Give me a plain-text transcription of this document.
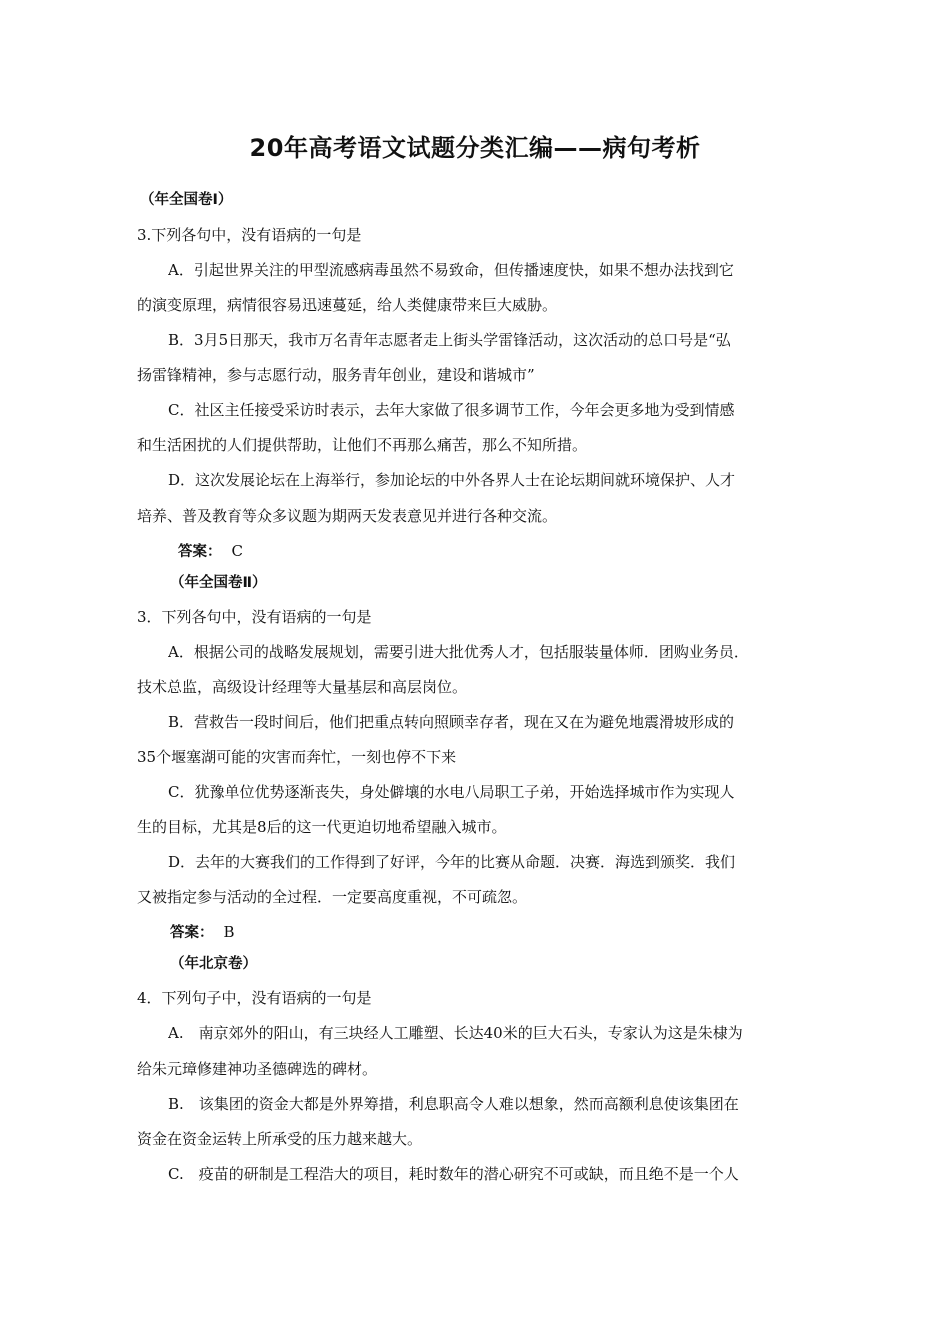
20年高考语文试题分类汇编——病句考析
（年全国卷Ⅰ）
3.下列各句中，没有语病的一句是
A．引起世界关注的甲型流感病毒虽然不易致命，但传播速度快，如果不想办法找到它
的演变原理，病情很容易迅速蔓延，给人类健康带来巨大威胁。
B．3月5日那天，我市万名青年志愿者走上街头学雷锋活动，这次活动的总口号是“弘
扬雷锋精神，参与志愿行动，服务青年创业，建设和谐城市”
C．社区主任接受采访时表示，去年大家做了很多调节工作，今年会更多地为受到情感
和生活困扰的人们提供帮助，让他们不再那么痛苦，那么不知所措。
D．这次发展论坛在上海举行，参加论坛的中外各界人士在论坛期间就环境保护、人才
培养、普及教育等众多议题为期两天发表意见并进行各种交流。
答案： C
（年全国卷Ⅱ）
3．下列各句中，没有语病的一句是
A．根据公司的战略发展规划，需要引进大批优秀人才，包括服装量体师．团购业务员．
技术总监，高级设计经理等大量基层和高层岗位。
B．营救告一段时间后，他们把重点转向照顾幸存者，现在又在为避免地震滑坡形成的
35个堰塞湖可能的灾害而奔忙，一刻也停不下来
C．犹豫单位优势逐渐丧失，身处僻壤的水电八局职工子弟，开始选择城市作为实现人
生的目标，尤其是8后的这一代更迫切地希望融入城市。
D．去年的大赛我们的工作得到了好评，今年的比赛从命题．决赛．海选到颁奖．我们
又被指定参与活动的全过程．一定要高度重视，不可疏忽。
答案： B
（年北京卷）
4．下列句子中，没有语病的一句是
A.　南京郊外的阳山，有三块经人工雕塑、长达40米的巨大石头，专家认为这是朱棣为
给朱元璋修建神功圣德碑选的碑材。
B.　该集团的资金大都是外界筹措，利息职高令人难以想象，然而高额利息使该集团在
资金在资金运转上所承受的压力越来越大。
C.　疫苗的研制是工程浩大的项目，耗时数年的潜心研究不可或缺，而且绝不是一个人
